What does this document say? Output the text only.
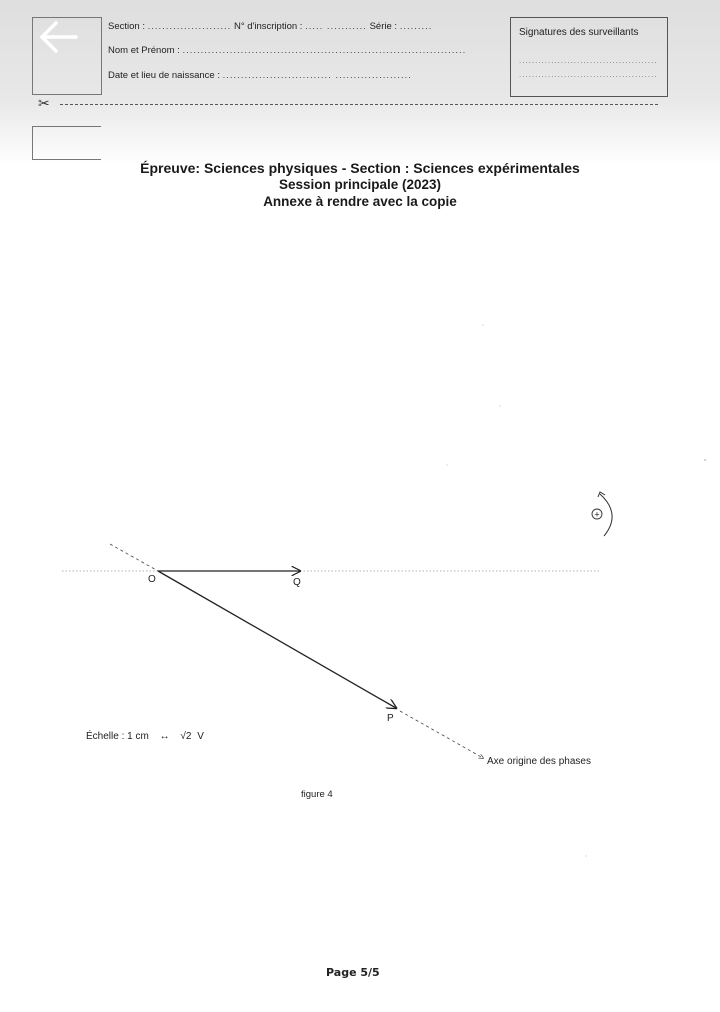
Section : ....................... N° d'inscription : ..... ........... Série : .........
Nom et Prénom : ..............................................................................
Date et lieu de naissance : .............................. .....................
Signatures des surveillants
...........................................
...........................................
✂
Épreuve: Sciences physiques - Section : Sciences expérimentales
Session principale (2023)
Annexe à rendre avec la copie
+
O	Q
P
Axe origine des phases
Échelle : 1 cm ↔ √2 V
figure 4
Page 5/5
